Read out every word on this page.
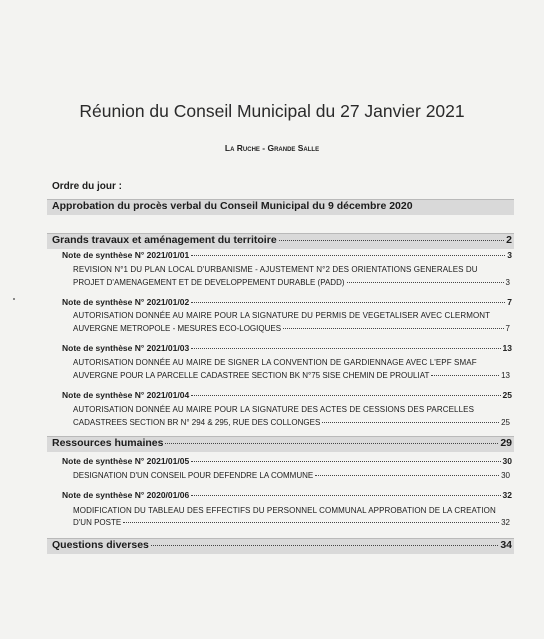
Réunion du Conseil Municipal du 27 Janvier 2021
La Ruche - Grande Salle
Ordre du jour :
Approbation du procès verbal du Conseil Municipal du 9 décembre 2020
Grands travaux et aménagement du territoire	2
Note de synthèse N° 2021/01/01	3
REVISION N°1 DU PLAN LOCAL D'URBANISME - AJUSTEMENT N°2 DES ORIENTATIONS GENERALES DU
PROJET D'AMENAGEMENT ET DE DEVELOPPEMENT DURABLE (PADD)	3
Note de synthèse N° 2021/01/02	7
AUTORISATION DONNÉE AU MAIRE POUR LA SIGNATURE DU PERMIS DE VEGETALISER AVEC CLERMONT
AUVERGNE METROPOLE - MESURES ECO-LOGIQUES	7
Note de synthèse N° 2021/01/03	13
AUTORISATION DONNÉE AU MAIRE DE SIGNER LA CONVENTION DE GARDIENNAGE AVEC L'EPF SMAF
AUVERGNE POUR LA PARCELLE CADASTREE SECTION BK N°75 SISE CHEMIN DE PROULIAT	13
Note de synthèse N° 2021/01/04	25
AUTORISATION DONNÉE AU MAIRE POUR LA SIGNATURE DES ACTES DE CESSIONS DES PARCELLES
CADASTREES SECTION BR N° 294 & 295, RUE DES COLLONGES	25
Ressources humaines	29
Note de synthèse N° 2021/01/05	30
DESIGNATION D'UN CONSEIL POUR DEFENDRE LA COMMUNE	30
Note de synthèse N° 2020/01/06	32
MODIFICATION DU TABLEAU DES EFFECTIFS DU PERSONNEL COMMUNAL APPROBATION DE LA CREATION
D'UN POSTE	32
Questions diverses	34
